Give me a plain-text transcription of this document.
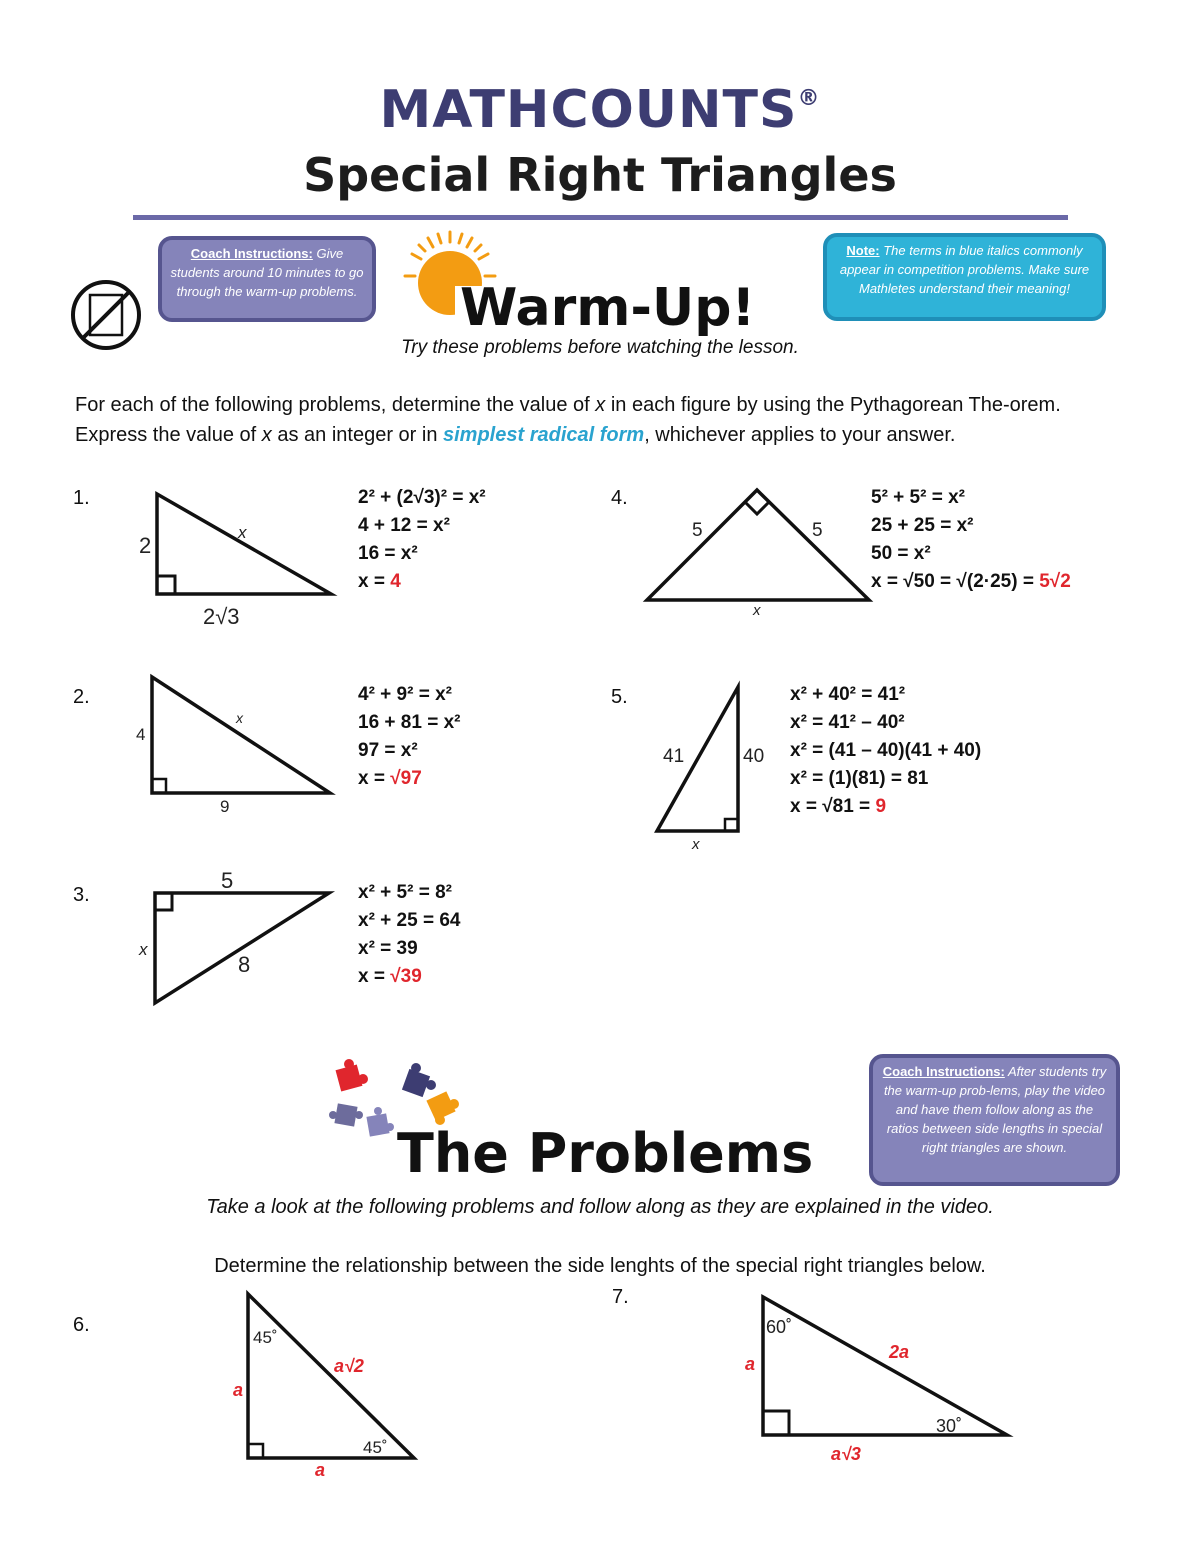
MATHCOUNTS®
Special Right Triangles
Coach Instructions: Give students around 10 minutes to go through the warm-up problems.	Warm-Up!
Note: The terms in blue italics commonly appear in competition problems. Make sure Mathletes understand their meaning!
Try these problems before watching the lesson.
For each of the following problems, determine the value of x in each figure by using the Pythagorean The-orem. Express the value of x as an integer or in simplest radical form, whichever applies to your answer.
1.
2
x
2√3
2² + (2√3)² = x²
4 + 12 = x²
16 = x²
x = 4
2.
4
x
9
4² + 9² = x²
16 + 81 = x²
97 = x²
x = √97
3.
5
x
8
x² + 5² = 8²
x² + 25 = 64
x² = 39
x = √39
4.
5	5
x
5² + 5² = x²
25 + 25 = x²
50 = x²
x = √50 = √(2·25) = 5√2
5.
41	40
x
x² + 40² = 41²
x² = 41² – 40²
x² = (41 – 40)(41 + 40)
x² = (1)(81) = 81
x = √81 = 9
The Problems
Coach Instructions: After students try the warm-up prob-lems, play the video and have them follow along as the ratios between side lengths in special right triangles are shown.
Take a look at the following problems and follow along as they are explained in the video.
Determine the relationship between the side lenghts of the special right triangles below.
6.
45˚
45˚
a
a
a√2
7.
60˚
30˚
a
a√3
2a
